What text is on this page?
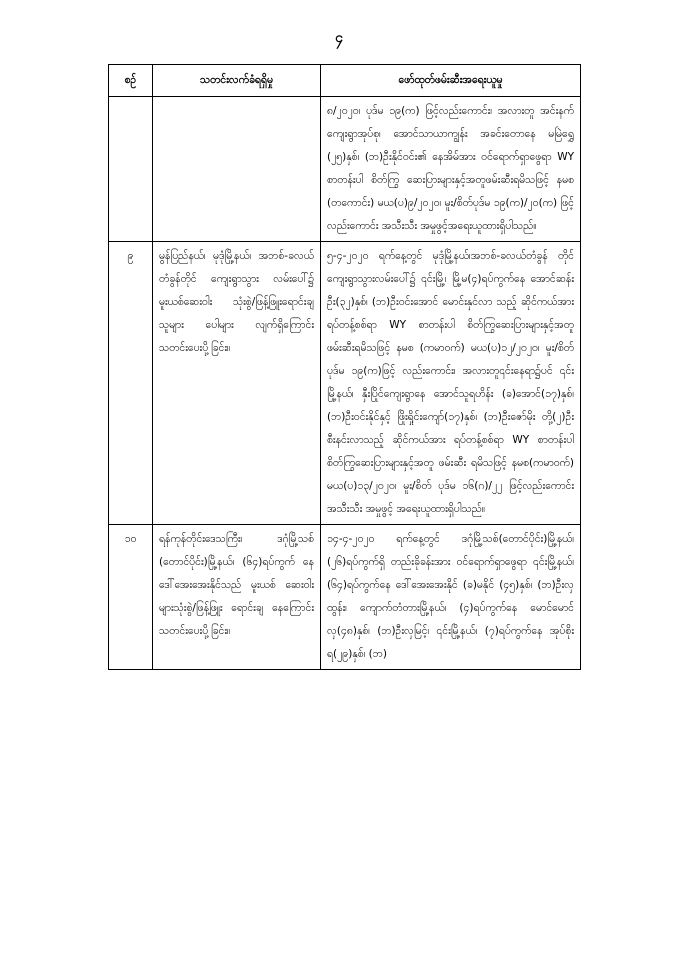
၄
စဉ်	သတင်းလက်ခံရရှိမှု	ဖော်ထုတ်ဖမ်းဆီးအရေးယူမှု
		၈/၂၀၂၀၊ ပုဒ်မ ၁၉(က) ဖြင့်လည်းကောင်း၊ အလားတူ အင်းနက်ကျေးရွာအုပ်စု၊ အောင်သာယာကျွန်း အခင်းတောနေ မမြဲရွှေ (၂၅)နှစ်၊ (ဘ)ဦးနိုင်ဝင်း၏ နေအိမ်အား ဝင်ရောက်ရှာဖွေရာ WY စာတန်းပါ စိတ်ကြွ ဆေးပြားများနှင့်အတူဖမ်းဆီးရမိသဖြင့် နမစ (တကောင်း) မယ(ပ)၉/၂၀၂၀၊ မူး/စိတ်ပုဒ်မ ၁၉(က)/၂၀(က) ဖြင့် လည်းကောင်း အသီးသီး အမှုဖွင့်အရေးယူထားရှိပါသည်။
၉	မွန်ပြည်နယ်၊ မုဒုံမြို့နယ်၊ အဘစ်-ခလယ်တံခွန်တိုင် ကျေးရွာသွား လမ်းပေါ်၌ မူးယစ်ဆေးဝါး သုံးစွဲ/ဖြန့်ဖြူးရောင်းချသူများ ပေါများ လျက်ရှိကြောင်းသတင်းပေးပို့ခြင်း။	၅-၄-၂၀၂၀ ရက်နေ့တွင် မုဒုံမြို့နယ်၊အဘစ်-ခလယ်တံခွန် တိုင်ကျေးရွာသွားလမ်းပေါ်၌ ၎င်းမြို့၊ မြို့မ(၄)ရပ်ကွက်နေ အောင်ဆန်းဦး(၃၂)နှစ်၊ (ဘ)ဦးဝင်းအောင် မောင်းနှင်လာ သည့် ဆိုင်ကယ်အား ရပ်တန့်စစ်ရာ WY စာတန်းပါ စိတ်ကြွဆေးပြားများနှင့်အတူ ဖမ်းဆီးရမိသဖြင့် နမစ (ကမာဝက်) မယ(ပ)၁၂/၂၀၂၀၊ မူး/စိတ်ပုဒ်မ ၁၉(က)ဖြင့် လည်းကောင်း၊ အလားတူ၎င်းနေရာ၌ပင် ၎င်းမြို့နယ်၊ နှီးပြိုင်ကျေးရွာနေ အောင်သူရဟိန်း (ခ)အောင်(၁၇)နှစ်၊ (ဘ)ဦးဝင်းနိုင်နှင့် ဖြိုးရှိုင်းကျော်(၁၇)နှစ်၊ (ဘ)ဦးဇော်မိုး တို့(၂)ဦး စီးနင်းလာသည့် ဆိုင်ကယ်အား ရပ်တန့်စစ်ရာ WY စာတန်းပါ စိတ်ကြွဆေးပြားများနှင့်အတူ ဖမ်းဆီး ရမိသဖြင့် နမစ(ကမာဝက်) မယ(ပ)၁၃/၂၀၂၀၊ မူး/စိတ် ပုဒ်မ ၁၆(ဂ)/၂၂ ဖြင့်လည်းကောင်း အသီးသီး အမှုဖွင့် အရေးယူထားရှိပါသည်။
၁၀	ရန်ကုန်တိုင်းဒေသကြီး၊ ဒဂုံမြို့သစ် (တောင်ပိုင်း)မြို့နယ်၊ (၆၄)ရပ်ကွက် နေ ဒေါ်အေးအေးနိုင်သည် မူးယစ် ဆေးဝါးများသုံးစွဲ/ဖြန့်ဖြူး ရောင်းချ နေကြောင်း သတင်းပေးပို့ခြင်း။	၁၄-၄-၂၀၂၀ ရက်နေ့တွင် ဒဂုံမြို့သစ်(တောင်ပိုင်း)မြို့နယ်၊ (၂၆)ရပ်ကွက်ရှိ တည်းခိုခန်းအား ဝင်ရောက်ရှာဖွေရာ ၎င်းမြို့နယ်၊ (၆၄)ရပ်ကွက်နေ ဒေါ်အေးအေးနိုင် (ခ)မနိုင် (၄၅)နှစ်၊ (ဘ)ဦးလှထွန်း၊ ကျောက်တံတားမြို့နယ်၊ (၄)ရပ်ကွက်နေ မောင်မောင်လှ(၄၈)နှစ်၊ (ဘ)ဦးလှမြင့်၊ ၎င်းမြို့နယ်၊ (၇)ရပ်ကွက်နေ အုပ်စိုးရ(၂၉)နှစ်၊ (ဘ)
